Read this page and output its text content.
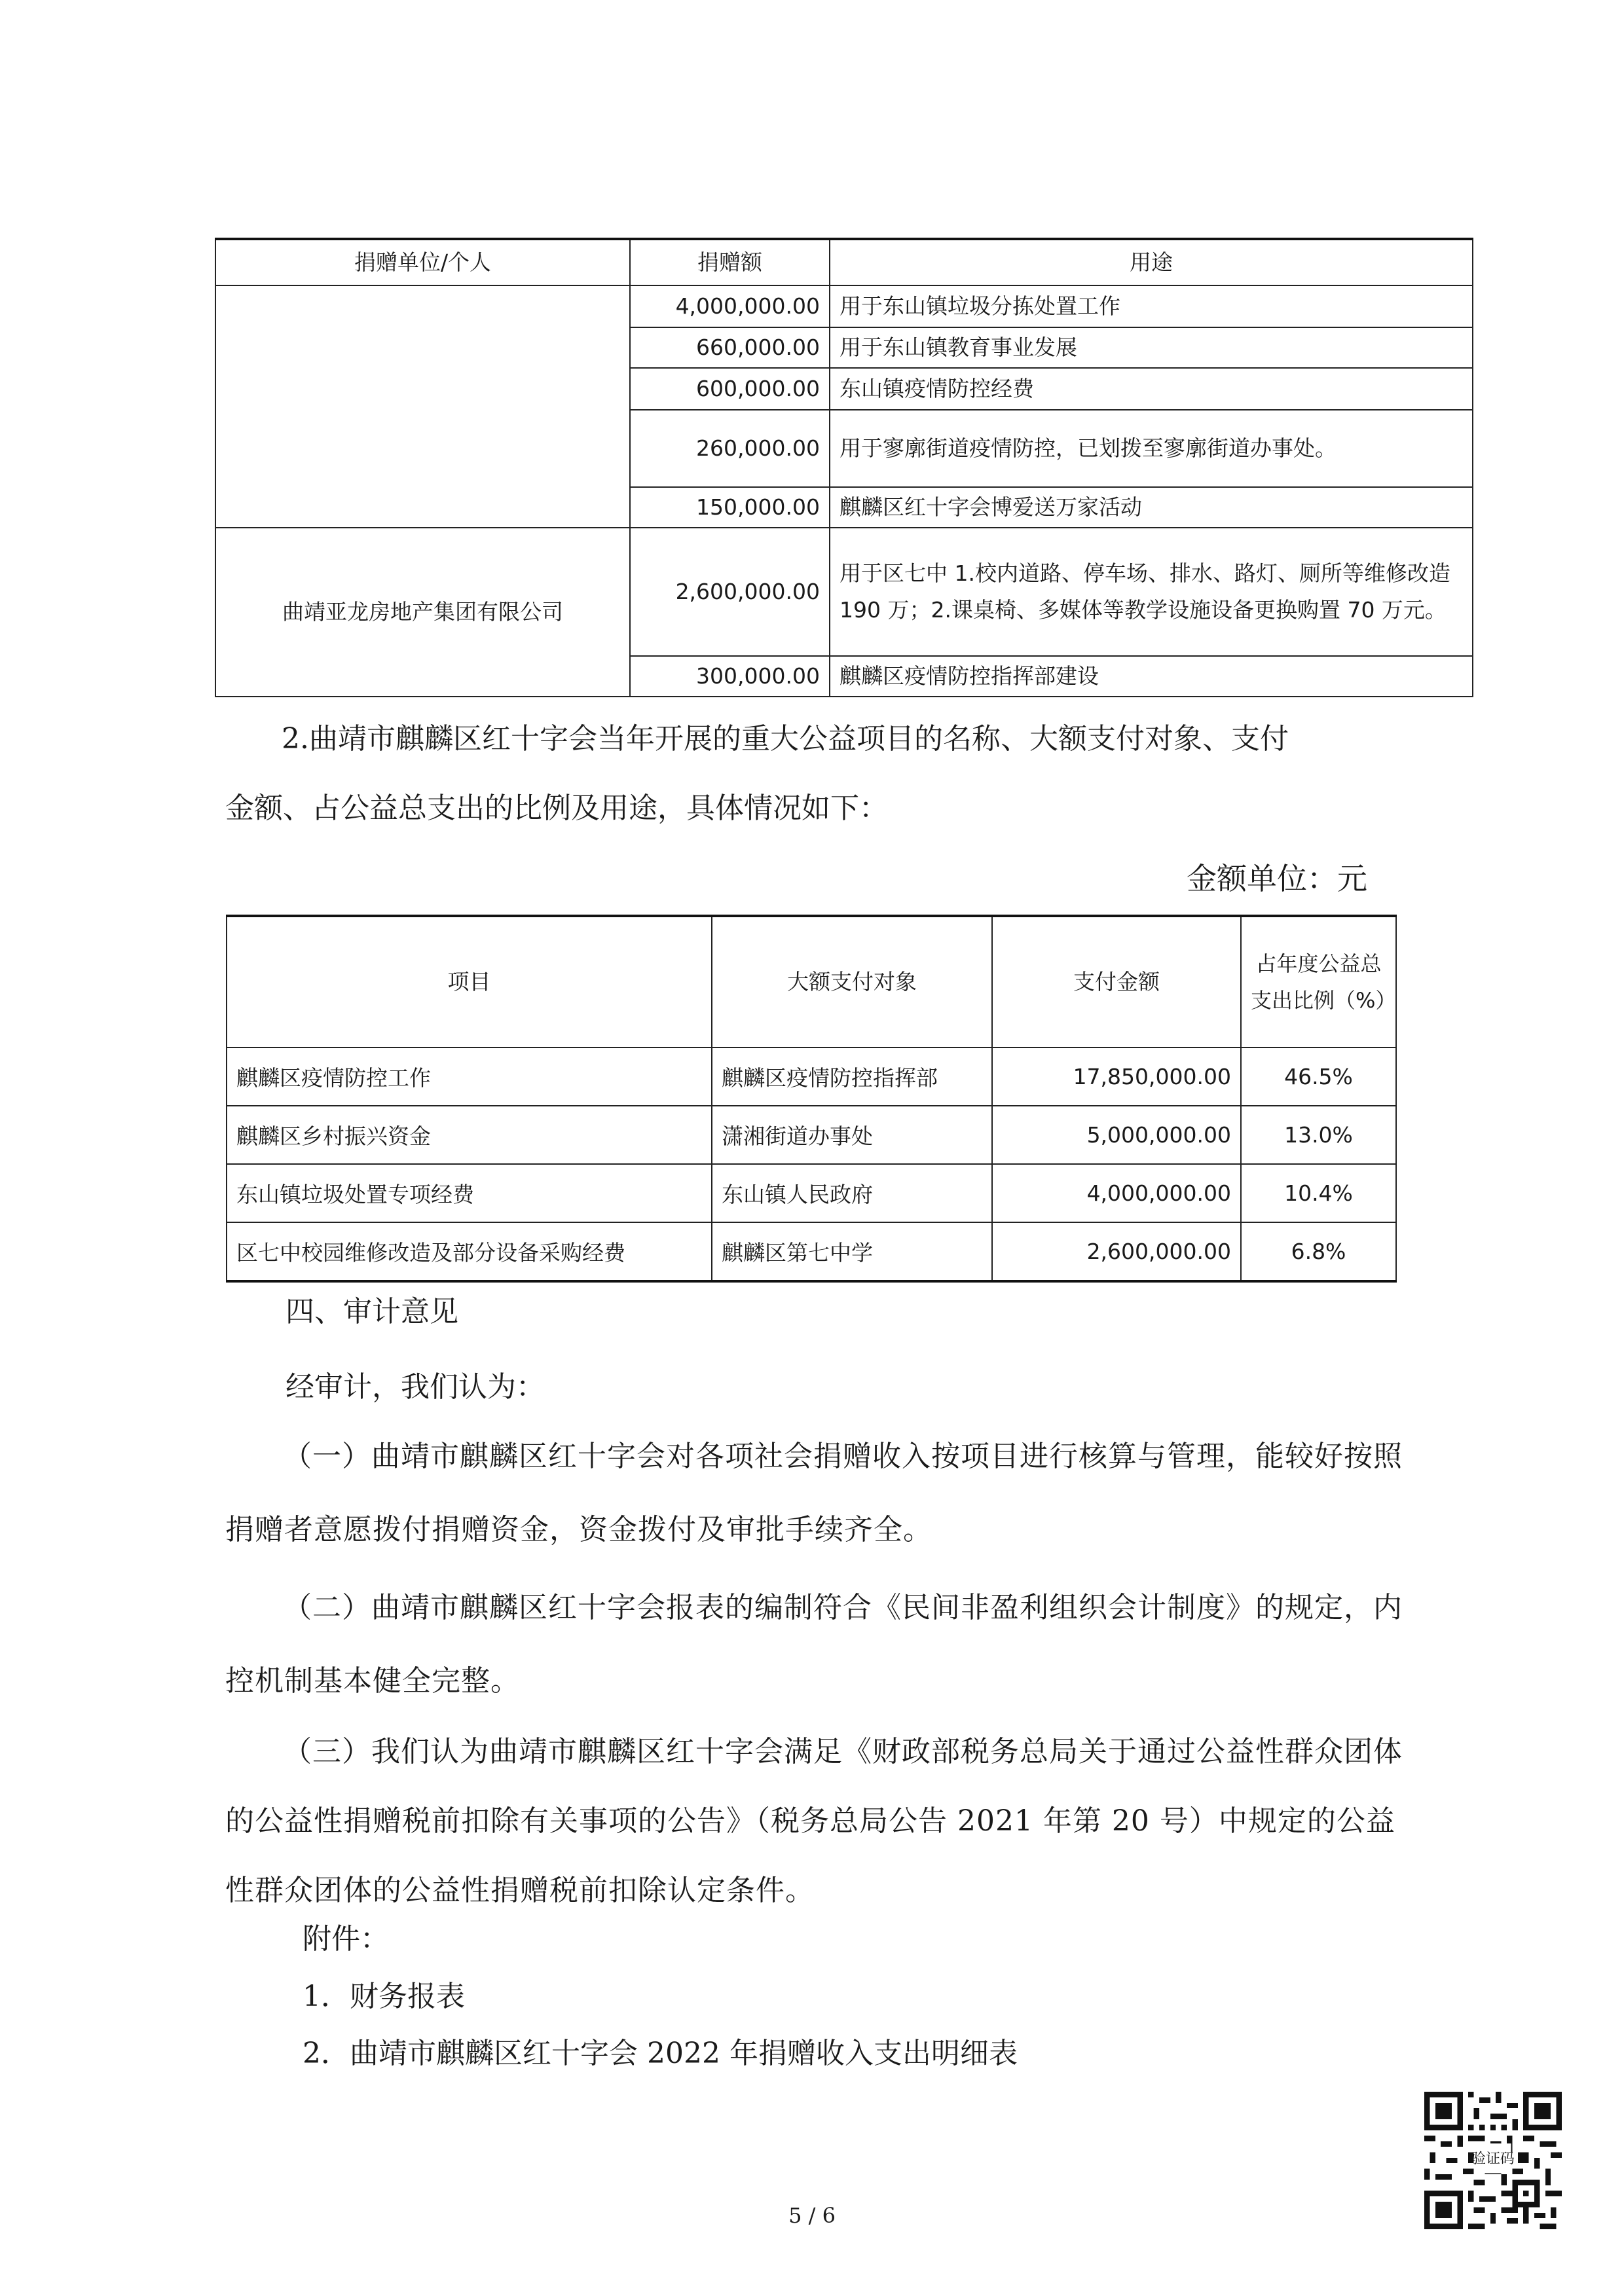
捐赠单位/个人	捐赠额	用途
	4,000,000.00	用于东山镇垃圾分拣处置工作
	660,000.00	用于东山镇教育事业发展
	600,000.00	东山镇疫情防控经费
	260,000.00	用于寥廓街道疫情防控，已划拨至寥廓街道办事处。
	150,000.00	麒麟区红十字会博爱送万家活动
曲靖亚龙房地产集团有限公司	2,600,000.00	用于区七中 1.校内道路、停车场、排水、路灯、厕所等维修改造 190 万；2.课桌椅、多媒体等教学设施设备更换购置 70 万元。
	300,000.00	麒麟区疫情防控指挥部建设
2.曲靖市麒麟区红十字会当年开展的重大公益项目的名称、大额支付对象、支付
金额、占公益总支出的比例及用途，具体情况如下：
金额单位：元
项目	大额支付对象	支付金额	占年度公益总支出比例（%）
麒麟区疫情防控工作	麒麟区疫情防控指挥部	17,850,000.00	46.5%
麒麟区乡村振兴资金	潇湘街道办事处	5,000,000.00	13.0%
东山镇垃圾处置专项经费	东山镇人民政府	4,000,000.00	10.4%
区七中校园维修改造及部分设备采购经费	麒麟区第七中学	2,600,000.00	6.8%
四、审计意见
经审计，我们认为：
（一）曲靖市麒麟区红十字会对各项社会捐赠收入按项目进行核算与管理，能较好按照捐赠者意愿拨付捐赠资金，资金拨付及审批手续齐全。
（二）曲靖市麒麟区红十字会报表的编制符合《民间非盈利组织会计制度》的规定，内控机制基本健全完整。
（三）我们认为曲靖市麒麟区红十字会满足《财政部税务总局关于通过公益性群众团体的公益性捐赠税前扣除有关事项的公告》（税务总局公告 2021 年第 20 号）中规定的公益性群众团体的公益性捐赠税前扣除认定条件。
附件：
1．财务报表
2．曲靖市麒麟区红十字会 2022 年捐赠收入支出明细表
5 / 6
验证码
